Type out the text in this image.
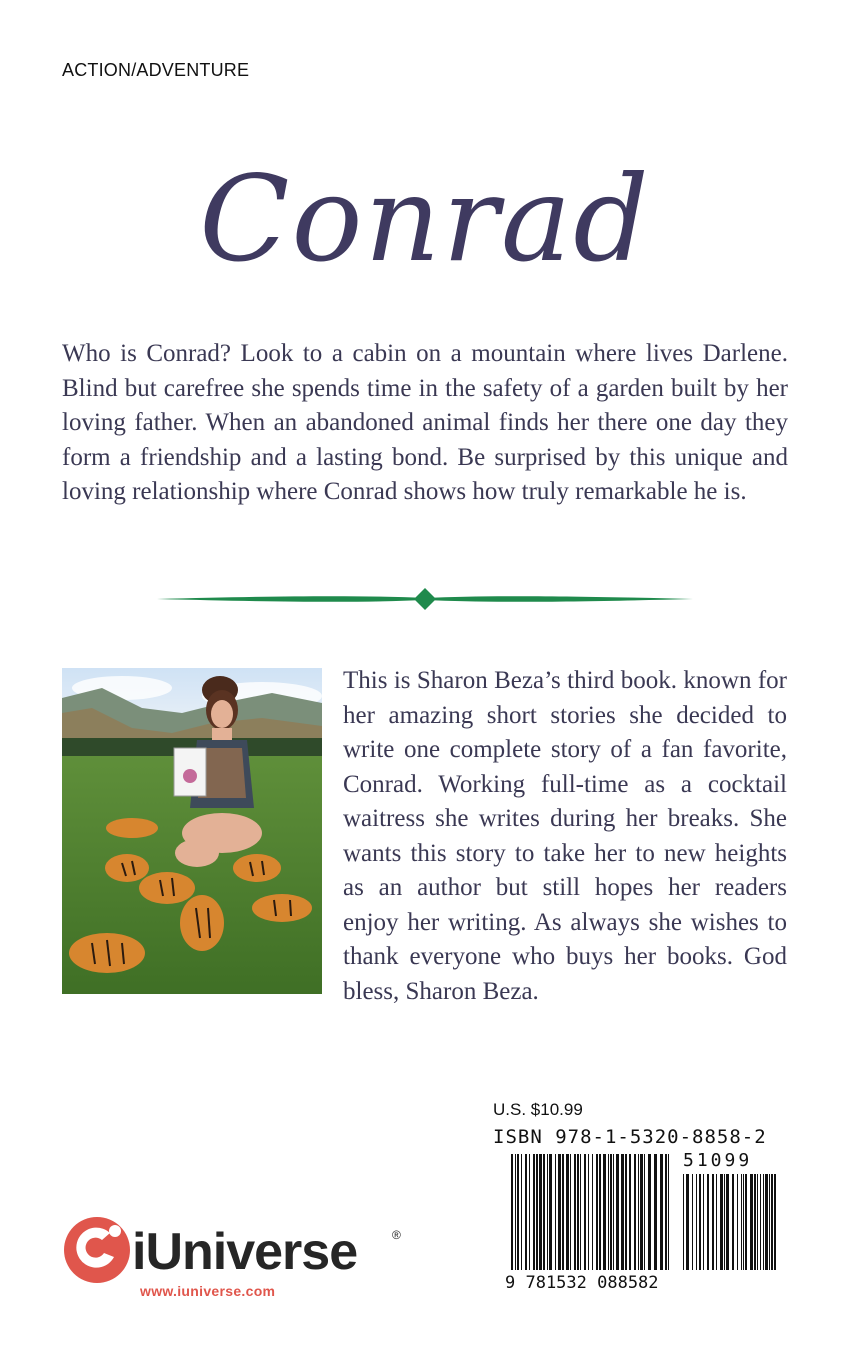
ACTION/ADVENTURE
Conrad
Who is Conrad? Look to a cabin on a mountain where lives Darlene. Blind but carefree she spends time in the safety of a garden built by her loving father. When an abandoned animal finds her there one day they form a friendship and a lasting bond. Be surprised by this unique and loving relationship where Conrad shows how truly remarkable he is.
This is Sharon Beza’s third book. known for her amazing short stories she decided to write one complete story of a fan favorite, Conrad. Working full-time as a cocktail waitress she writes during her breaks. She wants this story to take her to new heights as an author but still hopes her readers enjoy her writing. As always she wishes to thank everyone who buys her books. God bless, Sharon Beza.
U.S. $10.99
ISBN 978-1-5320-8858-2
9 781532 088582
51099
iUniverse	®
www.iuniverse.com
